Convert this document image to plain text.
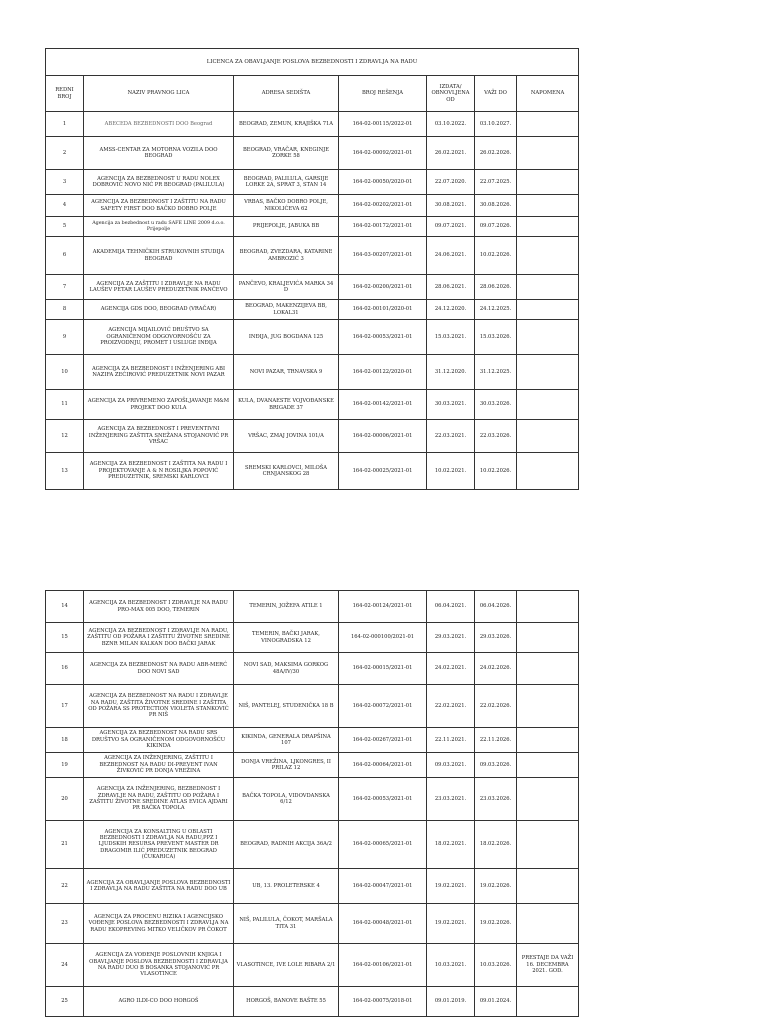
LICENCA ZA OBAVLJANJE POSLOVA BEZBEDNOSTI I ZDRAVLJA NA RADU						
REDNI BROJ	NAZIV PRAVNOG LICA	ADRESA SEDIŠTA	BROJ REŠENJA	IZDATA/ OBNOVLJENA OD	VAŽI DO	NAPOMENA
1	ABECEDA BEZBEDNOSTI DOO Beograd	BEOGRAD, ZEMUN, KRAJIŠKA 71A	164-02-00115/2022-01	03.10.2022.	03.10.2027.	
2	AMSS-CENTAR ZA MOTORNA VOZILA DOO BEOGRAD	BEOGRAD, VRAČAR, KNEGINJE ZORKE 58	164-02-00092/2021-01	26.02.2021.	26.02.2026.	
3	AGENCIJA ZA BEZBEDNOST U RADU NOLEX DOBROVIĆ NOVO NIĆ PR BEOGRAD (PALILULA)	BEOGRAD, PALILULA, GARSIJE LORKE 2A, SPRAT 3, STAN 14	164-02-00050/2020-01	22.07.2020.	22.07.2025.	
4	AGENCIJA ZA BEZBEDNOST I ZAŠTITU NA RADU SAFETY FIRST DOO BAČKO DOBRO POLJE	VRBAS, BAČKO DOBRO POLJE, NIKOLIĆEVA 62	164-02-00202/2021-01	30.08.2021.	30.08.2026.	
5	Agencija za bezbednost u radu SAFE LINE 2009 d.o.o. Prijepolje	PRIJEPOLJE, JABUKA BB	164-02-00172/2021-01	09.07.2021.	09.07.2026.	
6	AKADEMIJA TEHNIČKIH STRUKOVNIH STUDIJA BEOGRAD	BEOGRAD, ZVEZDARA, KATARINE AMBROZIĆ 3	164-03-00207/2021-01	24.06.2021.	10.02.2026.	
7	AGENCIJA ZA ZAŠTITU I ZDRAVLJE NA RADU LAUŠEV PETAR LAUŠEV PREDUZETNIK PANČEVO	PANČEVO, KRALJEVIĆA MARKA 34 D	164-02-00200/2021-01	28.06.2021.	28.06.2026.	
8	AGENCIJA GDS DOO, BEOGRAD (VRAČAR)	BEOGRAD, MAKENZIJEVA BB, LOKAL31	164-02-00101/2020-01	24.12.2020.	24.12.2025.	
9	AGENCIJA MIJAILOVIĆ DRUŠTVO SA OGRANIČENOM ODGOVORNOŠĆU ZA PROIZVODNJU, PROMET I USLUGE INĐIJA	INĐIJA, JUG BOGDANA 125	164-02-00053/2021-01	15.03.2021.	15.03.2026.	
10	AGENCIJA ZA BEZBEDNOST I INŽENJERING ABI NAZIFA ZEĆIROVIĆ PREDUZETNIK NOVI PAZAR	NOVI PAZAR, TRNAVSKA 9	164-02-00122/2020-01	31.12.2020.	31.12.2025.	
11	AGENCIJA ZA PRIVREMENO ZAPOŠLJAVANJE M&M PROJEKT DOO KULA	KULA, DVANAESTE VOJVOĐANSKE BRIGADE 37	164-02-00142/2021-01	30.03.2021.	30.03.2026.	
12	AGENCIJA ZA BEZBEDNOST I PREVENTIVNI INŽENJERING ZAŠTITA SNEŽANA STOJANOVIĆ PR VRŠAC	VRŠAC, ZMAJ JOVINA 101/A	164-02-00006/2021-01	22.03.2021.	22.03.2026.	
13	AGENCIJA ZA BEZBEDNOST I ZAŠTITA NA RADU I PROJEKTOVANJE A & N ROSILJKA POPOVIĆ PREDUZETNIK, SREMSKI KARLOVCI	SREMSKI KARLOVCI, MILOŠA CRNJANSKOG 28	164-02-00025/2021-01	10.02.2021.	10.02.2026.	
14	AGENCIJA ZA BEZBEDNOST I ZDRAVLJE NA RADU PRO-MAX 005 DOO, TEMERIN	TEMERIN, JOŽEFA ATILE 1	164-02-00124/2021-01	06.04.2021.	06.04.2026.	
15	AGENCIJA ZA BEZBEDNOST I ZDRAVLJE NA RADU, ZAŠTITU OD POŽARA I ZAŠTITU ŽIVOTNE SREDINE BZNR MILAN KALKAN DOO BAČKI JARAK	TEMERIN, BAČKI JARAK, VINOGRADSKA 12	164-02-000100/2021-01	29.03.2021.	29.03.2026.	
16	AGENCIJA ZA BEZBEDNOST NA RADU ABR-MERĆ DOO NOVI SAD	NOVI SAD, MAKSIMA GORKOG 48A/IV/30	164-02-00015/2021-01	24.02.2021.	24.02.2026.	
17	AGENCIJA ZA BEZBEDNOST NA RADU I ZDRAVLJE NA RADU, ZAŠTITA ŽIVOTNE SREDINE I ZAŠTITA OD POŽARA SS PROTECTION VIOLETA STANKOVIĆ PR NIŠ	NIŠ, PANTELEJ, STUDENIČKA 18 B	164-02-00072/2021-01	22.02.2021.	22.02.2026.	
18	AGENCIJA ZA BEZBEDNOST NA RADU SRS DRUŠTVO SA OGRANIČENOM ODGOVORNOŠĆU KIKINDA	KIKINDA, GENERALA DRAPŠINA 107	164-02-00267/2021-01	22.11.2021.	22.11.2026.	
19	AGENCIJA ZA INŽENJERING, ZAŠTITU I BEZBEDNOST NA RADU DI-PREVENT IVAN ŽIVKOVIĆ PR DONJA VREŽINA	DONJA VREŽINA, LJKONGRES, II PRILAZ 12	164-02-00064/2021-01	09.03.2021.	09.03.2026.	
20	AGENCIJA ZA INŽENJERING, BEZBEDNOST I ZDRAVLJE NA RADU, ZAŠTITU OD POŽARA I ZAŠTITU ŽIVOTNE SREDINE ATLAS EVICA AJDARI PR BAČKA TOPOLA	BAČKA TOPOLA, VIDOVDANSKA 6/12	164-02-00053/2021-01	23.03.2021.	23.03.2026.	
21	AGENCIJA ZA KONSALTING U OBLASTI BEZBEDNOSTI I ZDRAVLJA NA RADU,PPZ I LJUDSKIH RESURSA PREVENT MASTER DR DRAGOMIR ILIĆ PREDUZETNIK BEOGRAD (ČUKARICA)	BEOGRAD, RADNIH AKCIJA 36A/2	164-02-00065/2021-01	18.02.2021.	18.02.2026.	
22	AGENCIJA ZA OBAVLJANJE POSLOVA BEZBEDNOSTI I ZDRAVLJA NA RADU ZAŠTITA NA RADU DOO UB	UB, 13. PROLETERSKE 4	164-02-00047/2021-01	19.02.2021.	19.02.2026.	
23	AGENCIJA ZA PROCENU RIZIKA I AGENCIJSKO VOĐENJE POSLOVA BEZBEDNOSTI I ZDRAVLJA NA RADU EKOPREVING MITKO VELIČKOV PR ČOKOT	NIŠ, PALILULA, ČOKOT, MARŠALA TITA 31	164-02-00048/2021-01	19.02.2021.	19.02.2026.	
24	AGENCIJA ZA VOĐENJE POSLOVNIH KNJIGA I OBAVLJANJE POSLOVA BEZBEDNOSTI I ZDRAVLJA NA RADU DUO B BOSANKA STOJANOVIĆ PR VLASOTINCE	VLASOTINCE, IVE LOLE RIBARA 2/1	164-02-00106/2021-01	10.03.2021.	10.03.2026.	PRESTAJE DA VAŽI 16. DECEMBRA 2021. GOD.
25	AGRO ILDI-CO DOO HORGOŠ	HORGOŠ, BANOVE BAŠTE 55	164-02-00075/2018-01	09.01.2019.	09.01.2024.	
